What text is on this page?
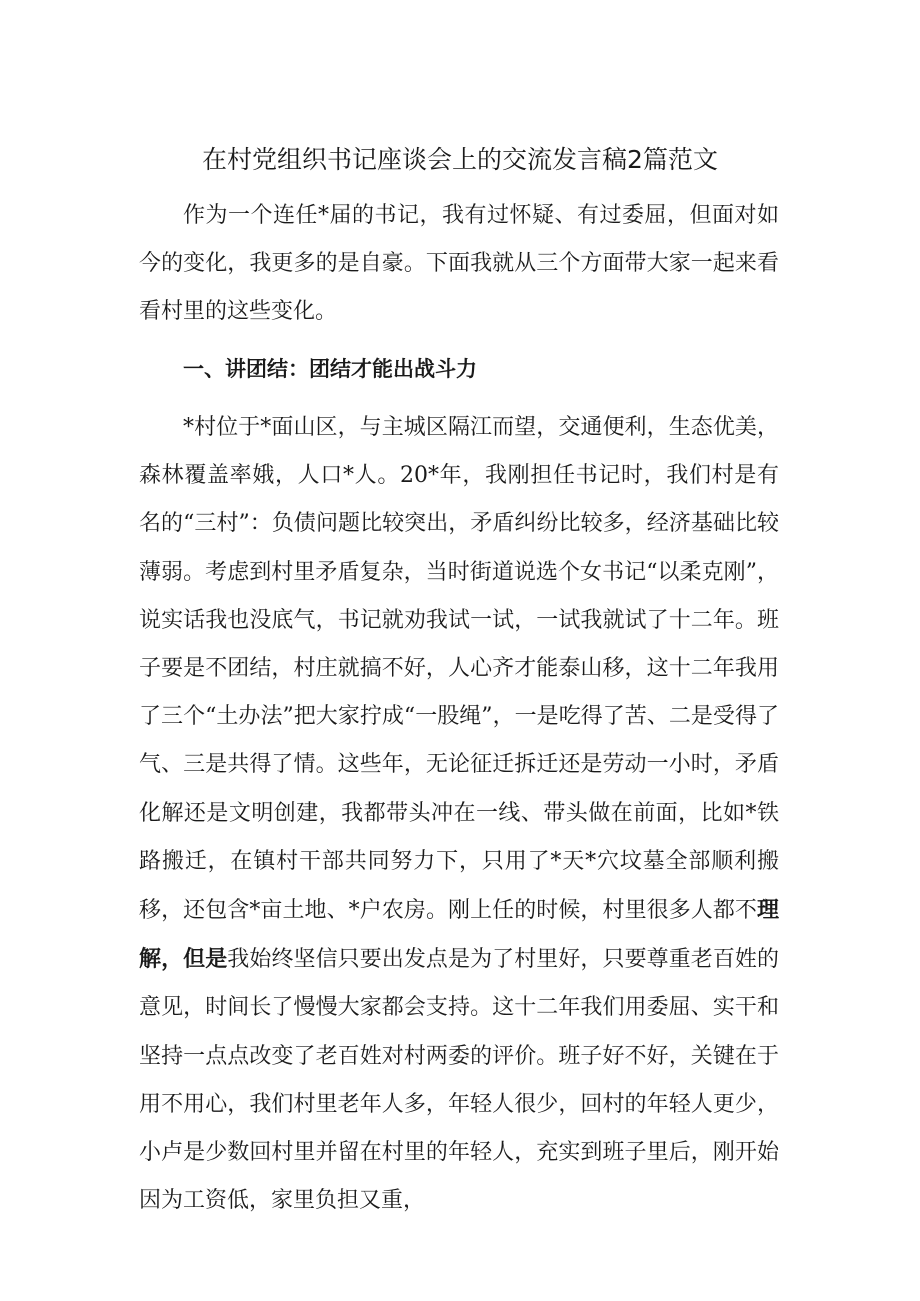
在村党组织书记座谈会上的交流发言稿2篇范文

作为一个连任*届的书记，我有过怀疑、有过委屈，但面对如今的变化，我更多的是自豪。下面我就从三个方面带大家一起来看看村里的这些变化。

一、讲团结：团结才能出战斗力

*村位于*面山区，与主城区隔江而望，交通便利，生态优美，森林覆盖率娥，人口*人。20*年，我刚担任书记时，我们村是有名的“三村”：负债问题比较突出，矛盾纠纷比较多，经济基础比较薄弱。考虑到村里矛盾复杂，当时街道说选个女书记“以柔克刚”，说实话我也没底气，书记就劝我试一试，一试我就试了十二年。班子要是不团结，村庄就搞不好，人心齐才能泰山移，这十二年我用了三个“土办法”把大家拧成“一股绳”，一是吃得了苦、二是受得了气、三是共得了情。这些年，无论征迁拆迁还是劳动一小时，矛盾化解还是文明创建，我都带头冲在一线、带头做在前面，比如*铁路搬迁，在镇村干部共同努力下，只用了*天*穴坟墓全部顺利搬移，还包含*亩土地、*户农房。刚上任的时候，村里很多人都不理解，但是我始终坚信只要出发点是为了村里好，只要尊重老百姓的意见，时间长了慢慢大家都会支持。这十二年我们用委屈、实干和坚持一点点改变了老百姓对村两委的评价。班子好不好，关键在于用不用心，我们村里老年人多，年轻人很少，回村的年轻人更少，小卢是少数回村里并留在村里的年轻人，充实到班子里后，刚开始因为工资低，家里负担又重，
